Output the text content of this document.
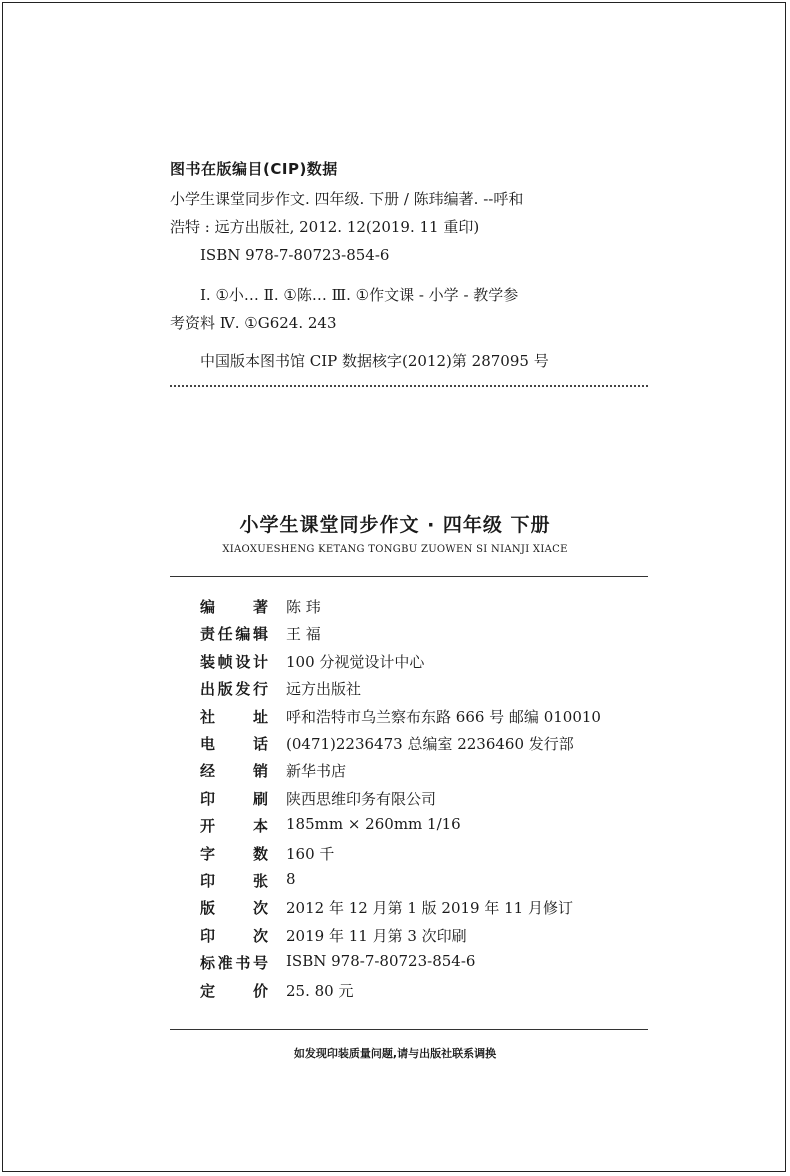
图书在版编目(CIP)数据
小学生课堂同步作文. 四年级. 下册 / 陈玮编著. --呼和
浩特 : 远方出版社, 2012. 12(2019. 11 重印)
ISBN 978-7-80723-854-6
Ⅰ. ①小… Ⅱ. ①陈… Ⅲ. ①作文课 - 小学 - 教学参
考资料 Ⅳ. ①G624. 243
中国版本图书馆 CIP 数据核字(2012)第 287095 号
小学生课堂同步作文 · 四年级 下册
XIAOXUESHENG KETANG TONGBU ZUOWEN SI NIANJI XIACE
编	著 陈 玮
责 任 编 辑 王 福
装 帧 设 计 100 分视觉设计中心
出 版 发 行 远方出版社
社	址 呼和浩特市乌兰察布东路 666 号 邮编 010010
电	话 (0471)2236473 总编室 2236460 发行部
经	销 新华书店
印	刷 陕西思维印务有限公司
开	本 185mm × 260mm 1/16
字	数 160 千
印	张 8
版	次 2012 年 12 月第 1 版 2019 年 11 月修订
印	次 2019 年 11 月第 3 次印刷
标 准 书 号 ISBN 978-7-80723-854-6
定	价 25. 80 元
如发现印装质量问题,请与出版社联系调换
